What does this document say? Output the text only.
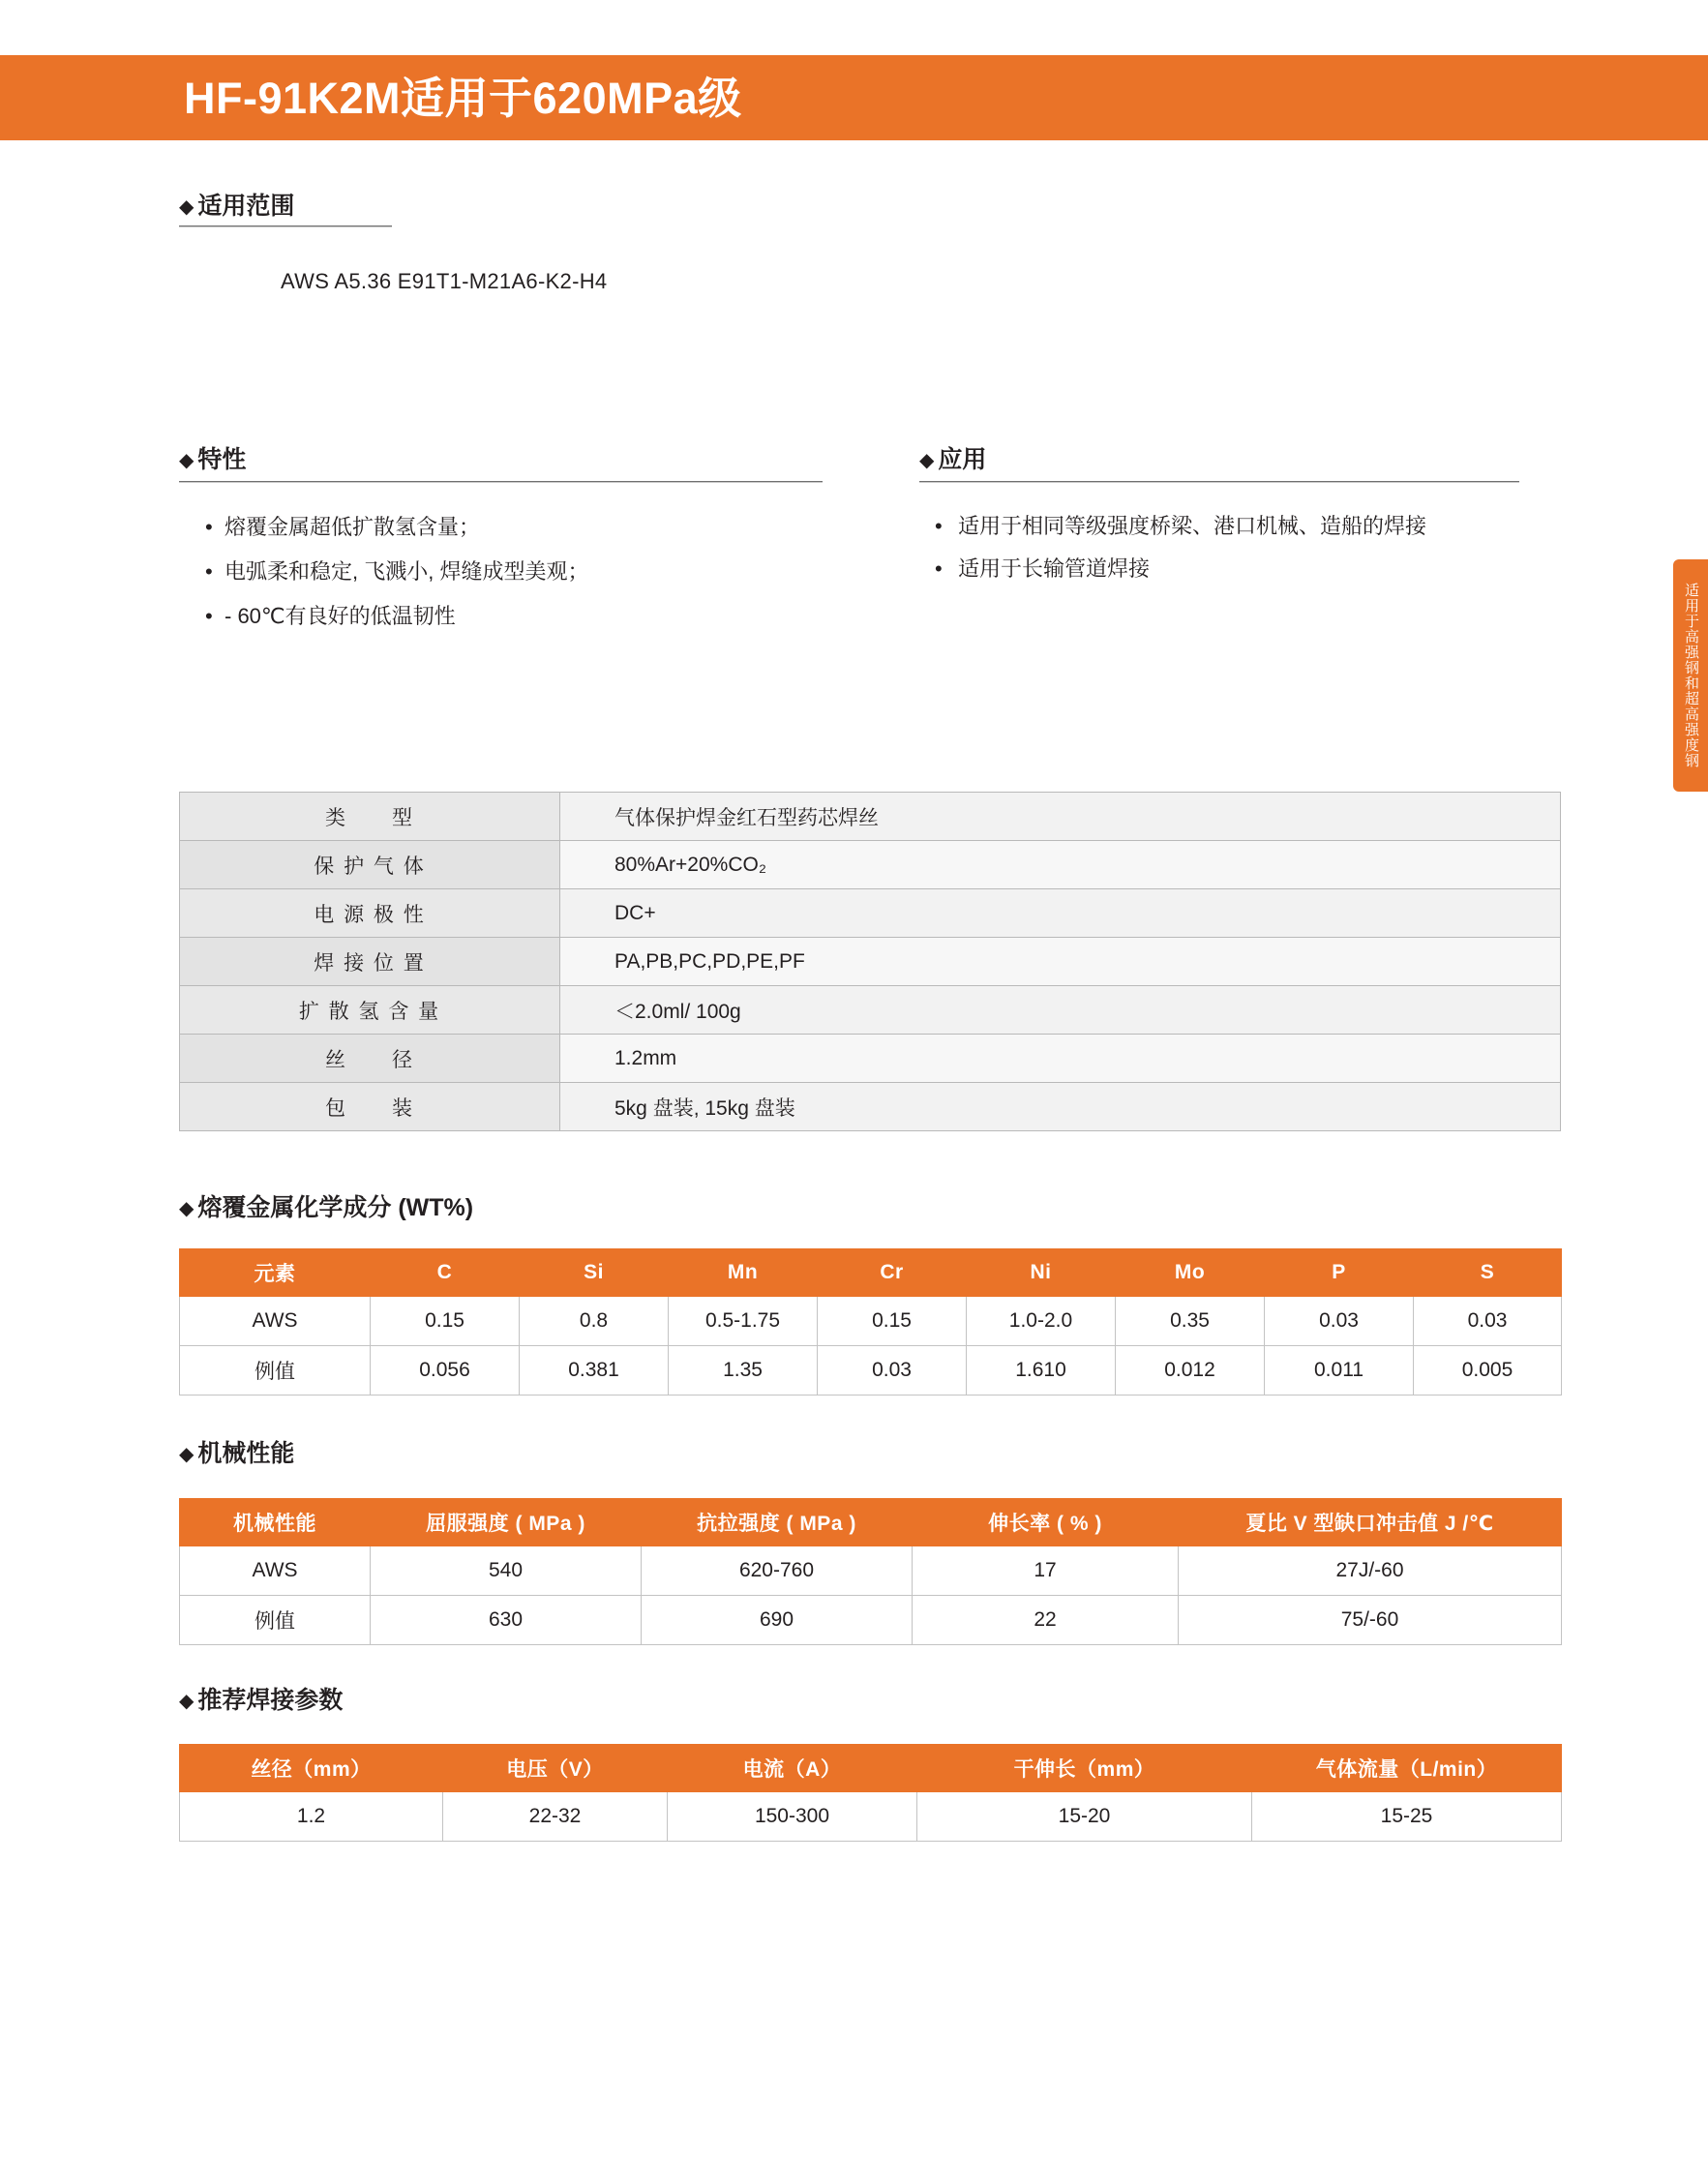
HF-91K2M适用于620MPa级
适用于高强钢和超高强度钢
◆ 适用范围
AWS A5.36 E91T1-M21A6-K2-H4
◆ 特性
• 熔覆金属超低扩散氢含量；
• 电弧柔和稳定, 飞溅小, 焊缝成型美观；
• - 60℃有良好的低温韧性
◆ 应用
• 适用于相同等级强度桥梁、港口机械、造船的焊接
• 适用于长输管道焊接
类　　型	气体保护焊金红石型药芯焊丝
保 护 气 体	80%Ar+20%CO₂
电 源 极 性	DC+
焊 接 位 置	PA,PB,PC,PD,PE,PF
扩 散 氢 含 量	＜2.0ml/ 100g
丝　　径	1.2mm
包　　装	5kg 盘装, 15kg 盘装
◆ 熔覆金属化学成分 (WT%)
元素	C	Si	Mn	Cr	Ni	Mo	P	S
AWS	0.15	0.8	0.5-1.75	0.15	1.0-2.0	0.35	0.03	0.03
例值	0.056	0.381	1.35	0.03	1.610	0.012	0.011	0.005
◆ 机械性能
机械性能	屈服强度 ( MPa )	抗拉强度 ( MPa )	伸长率 ( % )	夏比 V 型缺口冲击值 J /℃
AWS	540	620-760	17	27J/-60
例值	630	690	22	75/-60
◆ 推荐焊接参数
丝径（mm）	电压（V）	电流（A）	干伸长（mm）	气体流量（L/min）
1.2	22-32	150-300	15-20	15-25
